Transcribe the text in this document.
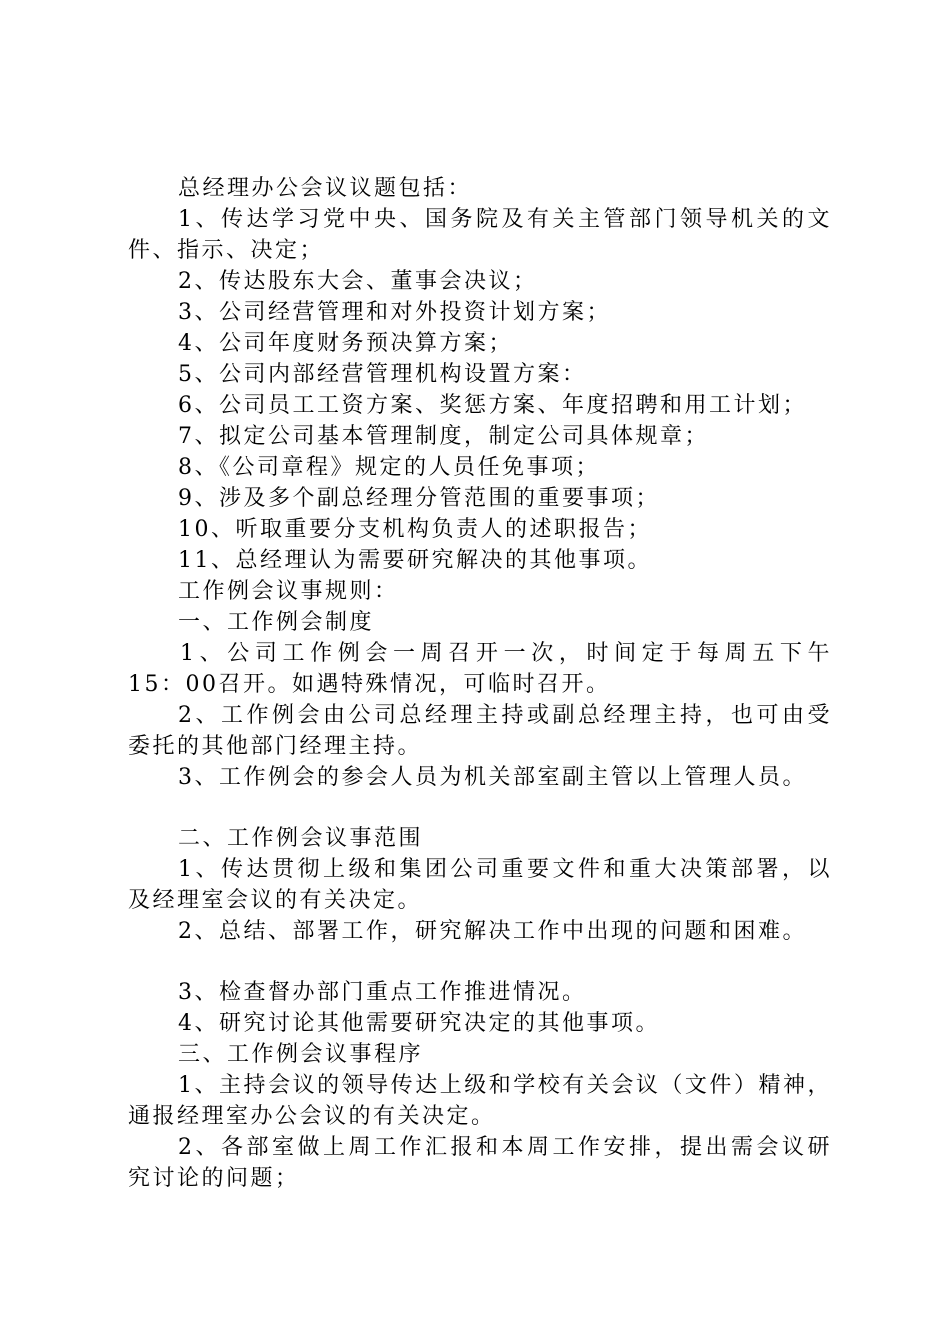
总经理办公会议议题包括：
1、传达学习党中央、国务院及有关主管部门领导机关的文
件、指示、决定；
2、传达股东大会、董事会决议；
3、公司经营管理和对外投资计划方案；
4、公司年度财务预决算方案；
5、公司内部经营管理机构设置方案：
6、公司员工工资方案、奖惩方案、年度招聘和用工计划；
7、拟定公司基本管理制度，制定公司具体规章；
8、《公司章程》规定的人员任免事项；
9、涉及多个副总经理分管范围的重要事项；
10、听取重要分支机构负责人的述职报告；
11、总经理认为需要研究解决的其他事项。
工作例会议事规则：
一、工作例会制度
1、公司工作例会一周召开一次，时间定于每周五下午
15：00召开。如遇特殊情况，可临时召开。
2、工作例会由公司总经理主持或副总经理主持，也可由受
委托的其他部门经理主持。
3、工作例会的参会人员为机关部室副主管以上管理人员。
二、工作例会议事范围
1、传达贯彻上级和集团公司重要文件和重大决策部署，以
及经理室会议的有关决定。
2、总结、部署工作，研究解决工作中出现的问题和困难。
3、检查督办部门重点工作推进情况。
4、研究讨论其他需要研究决定的其他事项。
三、工作例会议事程序
1、主持会议的领导传达上级和学校有关会议（文件）精神，
通报经理室办公会议的有关决定。
2、各部室做上周工作汇报和本周工作安排，提出需会议研
究讨论的问题；
